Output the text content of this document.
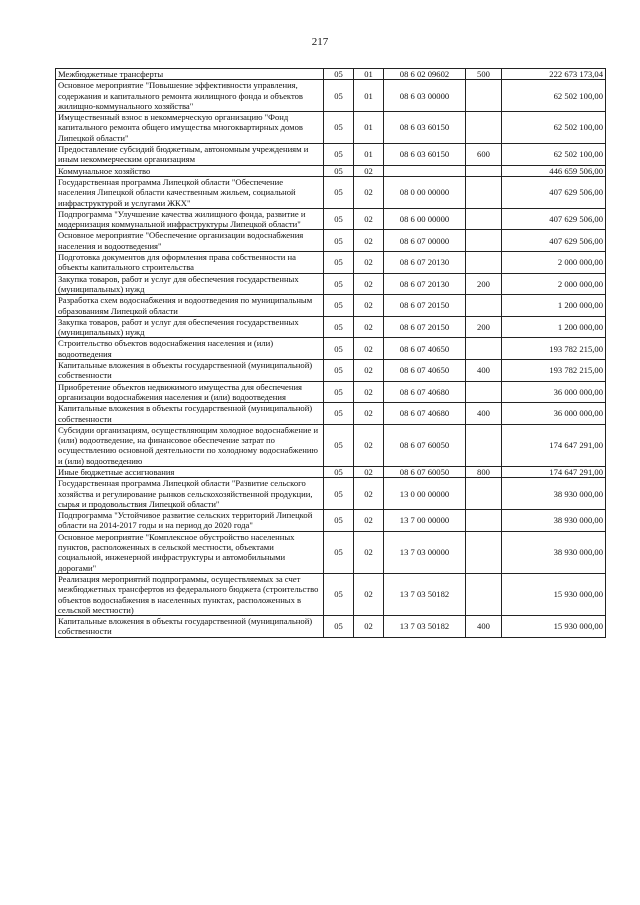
217
Межбюджетные трансферты	05	01	08 6 02 09602	500	222 673 173,04
Основное мероприятие "Повышение эффективности управления, содержания и капитального ремонта жилищного фонда и объектов жилищно-коммунального хозяйства"	05	01	08 6 03 00000		62 502 100,00
Имущественный взнос в некоммерческую организацию "Фонд капитального ремонта общего имущества многоквартирных домов Липецкой области"	05	01	08 6 03 60150		62 502 100,00
Предоставление субсидий бюджетным, автономным учреждениям и иным некоммерческим организациям	05	01	08 6 03 60150	600	62 502 100,00
Коммунальное хозяйство	05	02			446 659 506,00
Государственная программа Липецкой области "Обеспечение населения Липецкой области качественным жильем, социальной инфраструктурой и услугами ЖКХ"	05	02	08 0 00 00000		407 629 506,00
Подпрограмма "Улучшение качества жилищного фонда, развитие и модернизация коммунальной инфраструктуры Липецкой области"	05	02	08 6 00 00000		407 629 506,00
Основное мероприятие "Обеспечение организации водоснабжения населения и водоотведения"	05	02	08 6 07 00000		407 629 506,00
Подготовка документов для оформления права собственности на объекты капитального строительства	05	02	08 6 07 20130		2 000 000,00
Закупка товаров, работ и услуг для обеспечения государственных (муниципальных) нужд	05	02	08 6 07 20130	200	2 000 000,00
Разработка схем водоснабжения и водоотведения по муниципальным образованиям Липецкой области	05	02	08 6 07 20150		1 200 000,00
Закупка товаров, работ и услуг для обеспечения государственных (муниципальных) нужд	05	02	08 6 07 20150	200	1 200 000,00
Строительство объектов водоснабжения населения и (или) водоотведения	05	02	08 6 07 40650		193 782 215,00
Капитальные вложения в объекты государственной (муниципальной) собственности	05	02	08 6 07 40650	400	193 782 215,00
Приобретение объектов недвижимого имущества для обеспечения организации водоснабжения населения и (или) водоотведения	05	02	08 6 07 40680		36 000 000,00
Капитальные вложения в объекты государственной (муниципальной) собственности	05	02	08 6 07 40680	400	36 000 000,00
Субсидии организациям, осуществляющим холодное водоснабжение и (или) водоотведение, на финансовое обеспечение затрат по осуществлению основной деятельности по холодному водоснабжению и (или) водоотведению	05	02	08 6 07 60050		174 647 291,00
Иные бюджетные ассигнования	05	02	08 6 07 60050	800	174 647 291,00
Государственная программа Липецкой области "Развитие сельского хозяйства и регулирование рынков сельскохозяйственной продукции, сырья и продовольствия Липецкой области"	05	02	13 0 00 00000		38 930 000,00
Подпрограмма "Устойчивое развитие сельских территорий Липецкой области на 2014-2017 годы и на период до 2020 года"	05	02	13 7 00 00000		38 930 000,00
Основное мероприятие "Комплексное обустройство населенных пунктов, расположенных в сельской местности, объектами социальной, инженерной инфраструктуры и автомобильными дорогами"	05	02	13 7 03 00000		38 930 000,00
Реализация мероприятий подпрограммы, осуществляемых за счет межбюджетных трансфертов из федерального бюджета (строительство объектов водоснабжения в населенных пунктах, расположенных в сельской местности)	05	02	13 7 03 50182		15 930 000,00
Капитальные вложения в объекты государственной (муниципальной) собственности	05	02	13 7 03 50182	400	15 930 000,00
